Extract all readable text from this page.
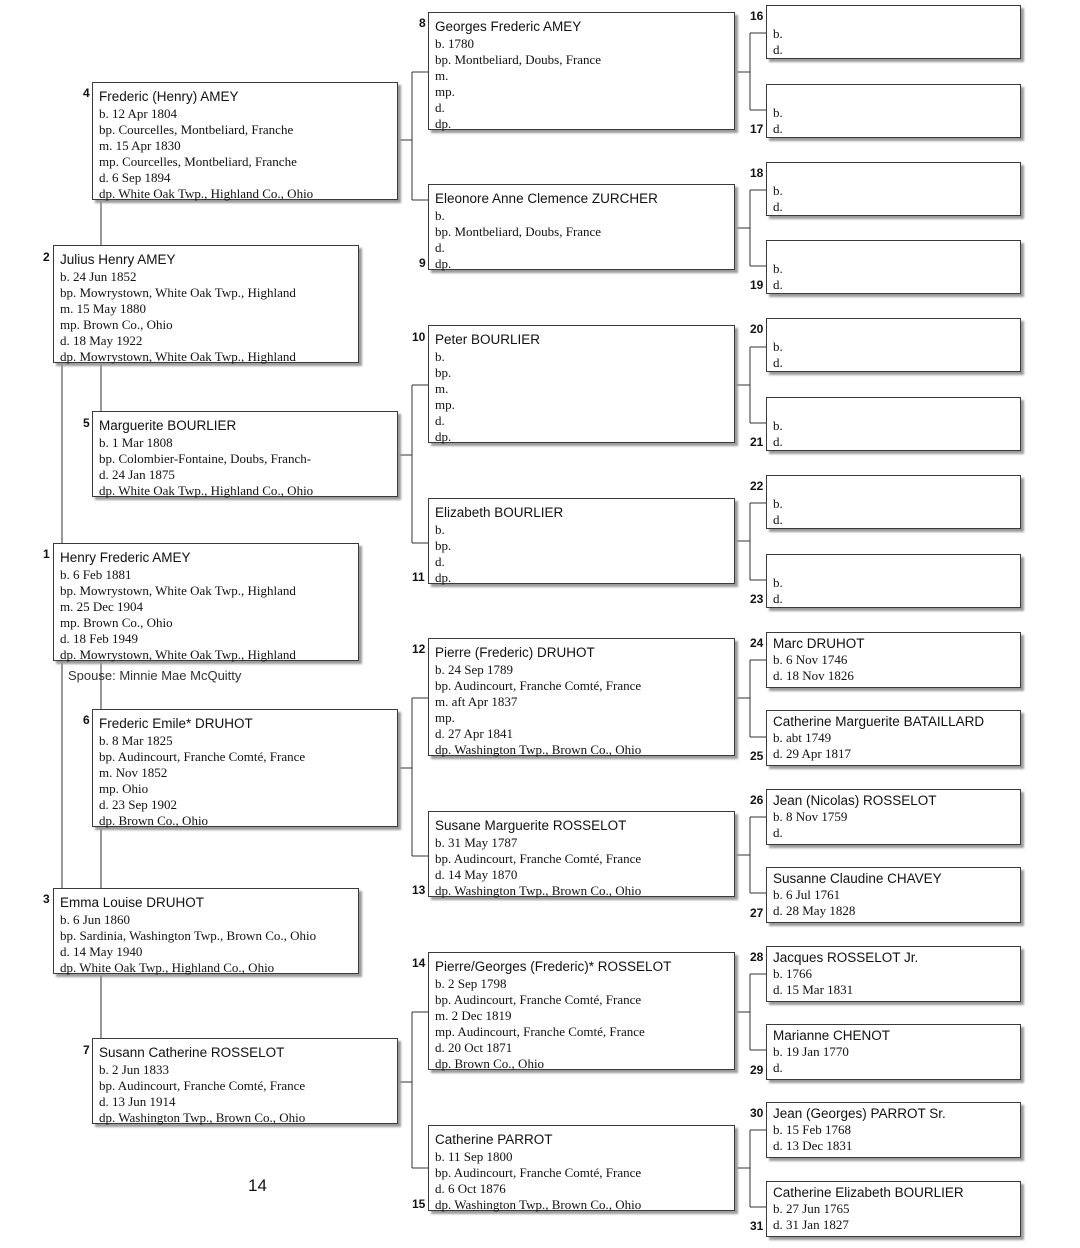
1 Henry Frederic AMEY
b. 6 Feb 1881
bp. Mowrystown, White Oak Twp., Highland
m. 25 Dec 1904
mp. Brown Co., Ohio
d. 18 Feb 1949
dp. Mowrystown, White Oak Twp., Highland
Spouse: Minnie Mae McQuitty
2 Julius Henry AMEY
b. 24 Jun 1852
bp. Mowrystown, White Oak Twp., Highland
m. 15 May 1880
mp. Brown Co., Ohio
d. 18 May 1922
dp. Mowrystown, White Oak Twp., Highland
3 Emma Louise DRUHOT
b. 6 Jun 1860
bp. Sardinia, Washington Twp., Brown Co., Ohio
d. 14 May 1940
dp. White Oak Twp., Highland Co., Ohio
4 Frederic (Henry) AMEY
b. 12 Apr 1804
bp. Courcelles, Montbeliard, Franche
m. 15 Apr 1830
mp. Courcelles, Montbeliard, Franche
d. 6 Sep 1894
dp. White Oak Twp., Highland Co., Ohio
5 Marguerite BOURLIER
b. 1 Mar 1808
bp. Colombier-Fontaine, Doubs, Franch-
d. 24 Jan 1875
dp. White Oak Twp., Highland Co., Ohio
6 Frederic Emile* DRUHOT
b. 8 Mar 1825
bp. Audincourt, Franche Comté, France
m. Nov 1852
mp. Ohio
d. 23 Sep 1902
dp. Brown Co., Ohio
7 Susann Catherine ROSSELOT
b. 2 Jun 1833
bp. Audincourt, Franche Comté, France
d. 13 Jun 1914
dp. Washington Twp., Brown Co., Ohio
8 Georges Frederic AMEY
b. 1780
bp. Montbeliard, Doubs, France
m.
mp.
d.
dp.
Eleonore Anne Clemence ZURCHER
b.
bp. Montbeliard, Doubs, France
d.
dp.
9
10 Peter BOURLIER
b.
bp.
m.
mp.
d.
dp.
Elizabeth BOURLIER
b.
bp.
d.
dp.
11
12 Pierre (Frederic) DRUHOT
b. 24 Sep 1789
bp. Audincourt, Franche Comté, France
m. aft Apr 1837
mp.
d. 27 Apr 1841
dp. Washington Twp., Brown Co., Ohio
Susane Marguerite ROSSELOT
b. 31 May 1787
bp. Audincourt, Franche Comté, France
d. 14 May 1870
dp. Washington Twp., Brown Co., Ohio
13
14 Pierre/Georges (Frederic)* ROSSELOT
b. 2 Sep 1798
bp. Audincourt, Franche Comté, France
m. 2 Dec 1819
mp. Audincourt, Franche Comté, France
d. 20 Oct 1871
dp. Brown Co., Ohio
Catherine PARROT
b. 11 Sep 1800
bp. Audincourt, Franche Comté, France
d. 6 Oct 1876
dp. Washington Twp., Brown Co., Ohio
15
16
b.
d.
b.
d.
17
18
b.
d.
b.
d.
19
20
b.
d.
b.
d.
21
22
b.
d.
b.
d.
23
24 Marc DRUHOT
b. 6 Nov 1746
d. 18 Nov 1826
Catherine Marguerite BATAILLARD
b. abt 1749
d. 29 Apr 1817
25
26 Jean (Nicolas) ROSSELOT
b. 8 Nov 1759
d.
Susanne Claudine CHAVEY
b. 6 Jul 1761
d. 28 May 1828
27
28 Jacques ROSSELOT Jr.
b. 1766
d. 15 Mar 1831
Marianne CHENOT
b. 19 Jan 1770
d.
29
30 Jean (Georges) PARROT Sr.
b. 15 Feb 1768
d. 13 Dec 1831
Catherine Elizabeth BOURLIER
b. 27 Jun 1765
d. 31 Jan 1827
31
14
